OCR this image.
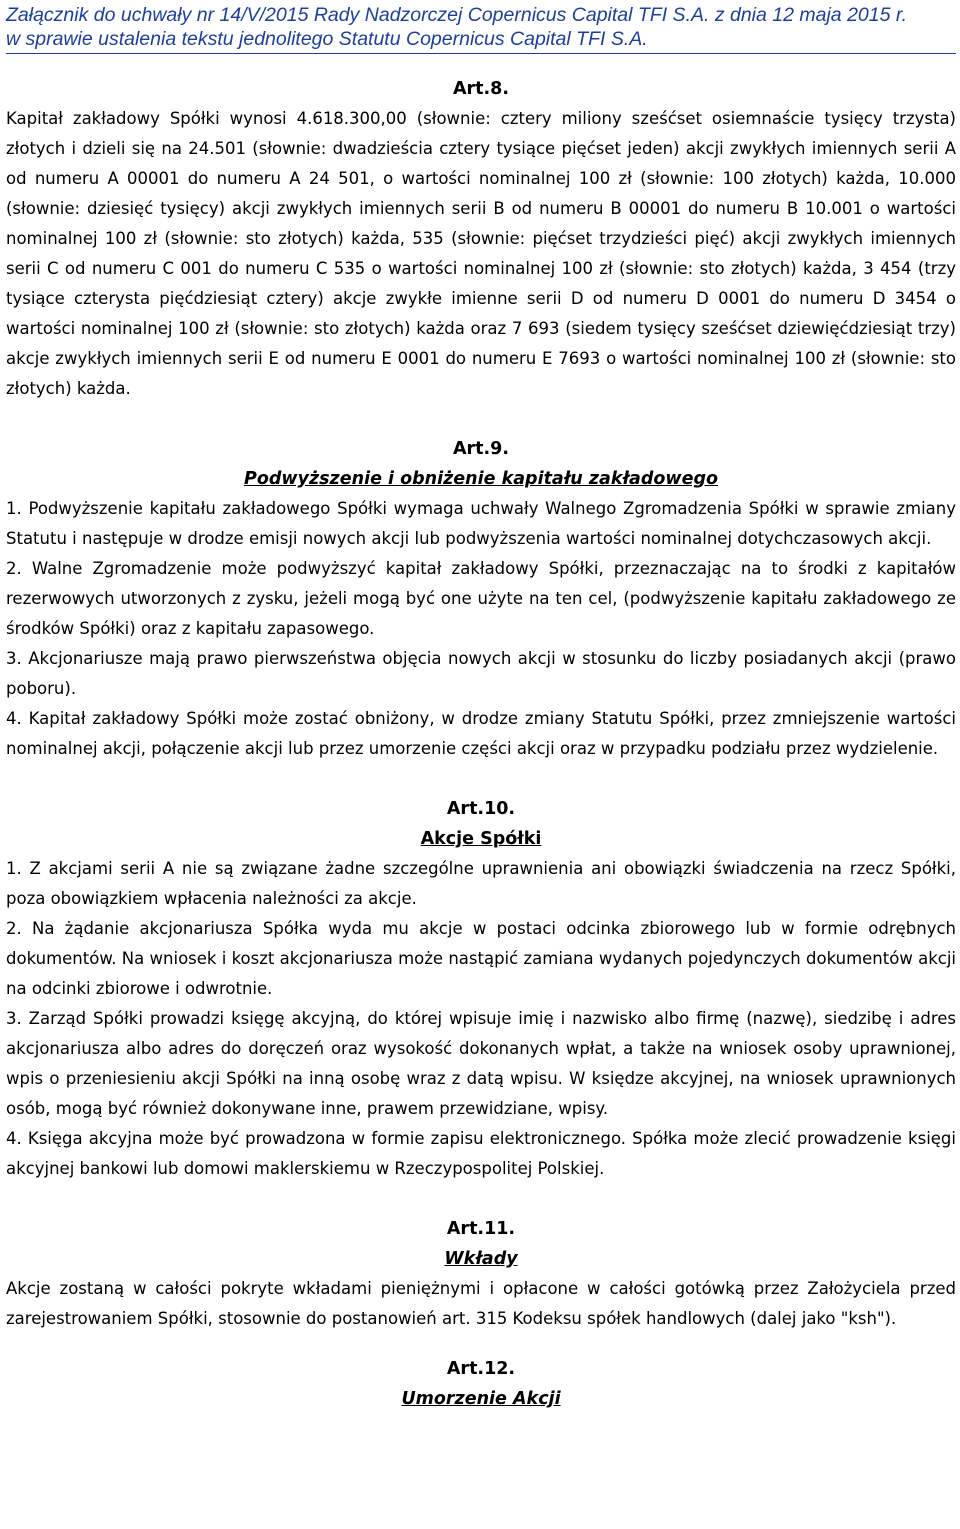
Załącznik do uchwały nr 14/V/2015 Rady Nadzorczej Copernicus Capital TFI S.A. z dnia 12 maja 2015 r.
w sprawie ustalenia tekstu jednolitego Statutu Copernicus Capital TFI S.A.
Art.8.

Kapitał zakładowy Spółki wynosi 4.618.300,00 (słownie: cztery miliony sześćset osiemnaście tysięcy trzysta) złotych i dzieli się na 24.501 (słownie: dwadzieścia cztery tysiące pięćset jeden) akcji zwykłych imiennych serii A od numeru A 00001 do numeru A 24 501, o wartości nominalnej 100 zł (słownie: 100 złotych) każda, 10.000 (słownie: dziesięć tysięcy) akcji zwykłych imiennych serii B od numeru B 00001 do numeru B 10.001 o wartości nominalnej 100 zł (słownie: sto złotych) każda, 535 (słownie: pięćset trzydzieści pięć) akcji zwykłych imiennych serii C od numeru C 001 do numeru C 535 o wartości nominalnej 100 zł (słownie: sto złotych) każda, 3 454 (trzy tysiące czterysta pięćdziesiąt cztery) akcje zwykłe imienne serii D od numeru D 0001 do numeru D 3454 o wartości nominalnej 100 zł (słownie: sto złotych) każda oraz 7 693 (siedem tysięcy sześćset dziewięćdziesiąt trzy) akcje zwykłych imiennych serii E od numeru E 0001 do numeru E 7693 o wartości nominalnej 100 zł (słownie: sto złotych) każda.

Art.9.
Podwyższenie i obniżenie kapitału zakładowego

1. Podwyższenie kapitału zakładowego Spółki wymaga uchwały Walnego Zgromadzenia Spółki w sprawie zmiany Statutu i następuje w drodze emisji nowych akcji lub podwyższenia wartości nominalnej dotychczasowych akcji.

2. Walne Zgromadzenie może podwyższyć kapitał zakładowy Spółki, przeznaczając na to środki z kapitałów rezerwowych utworzonych z zysku, jeżeli mogą być one użyte na ten cel, (podwyższenie kapitału zakładowego ze środków Spółki) oraz z kapitału zapasowego.

3. Akcjonariusze mają prawo pierwszeństwa objęcia nowych akcji w stosunku do liczby posiadanych akcji (prawo poboru).

4. Kapitał zakładowy Spółki może zostać obniżony, w drodze zmiany Statutu Spółki, przez zmniejszenie wartości nominalnej akcji, połączenie akcji lub przez umorzenie części akcji oraz w przypadku podziału przez wydzielenie.

Art.10.
Akcje Spółki

1. Z akcjami serii A nie są związane żadne szczególne uprawnienia ani obowiązki świadczenia na rzecz Spółki, poza obowiązkiem wpłacenia należności za akcje.

2. Na żądanie akcjonariusza Spółka wyda mu akcje w postaci odcinka zbiorowego lub w formie odrębnych dokumentów. Na wniosek i koszt akcjonariusza może nastąpić zamiana wydanych pojedynczych dokumentów akcji na odcinki zbiorowe i odwrotnie.

3. Zarząd Spółki prowadzi księgę akcyjną, do której wpisuje imię i nazwisko albo firmę (nazwę), siedzibę i adres akcjonariusza albo adres do doręczeń oraz wysokość dokonanych wpłat, a także na wniosek osoby uprawnionej, wpis o przeniesieniu akcji Spółki na inną osobę wraz z datą wpisu. W księdze akcyjnej, na wniosek uprawnionych osób, mogą być również dokonywane inne, prawem przewidziane, wpisy.

4. Księga akcyjna może być prowadzona w formie zapisu elektronicznego. Spółka może zlecić prowadzenie księgi akcyjnej bankowi lub domowi maklerskiemu w Rzeczypospolitej Polskiej.

Art.11.
Wkłady

Akcje zostaną w całości pokryte wkładami pieniężnymi i opłacone w całości gotówką przez Założyciela przed zarejestrowaniem Spółki, stosownie do postanowień art. 315 Kodeksu spółek handlowych (dalej jako "ksh").

Art.12.
Umorzenie Akcji
